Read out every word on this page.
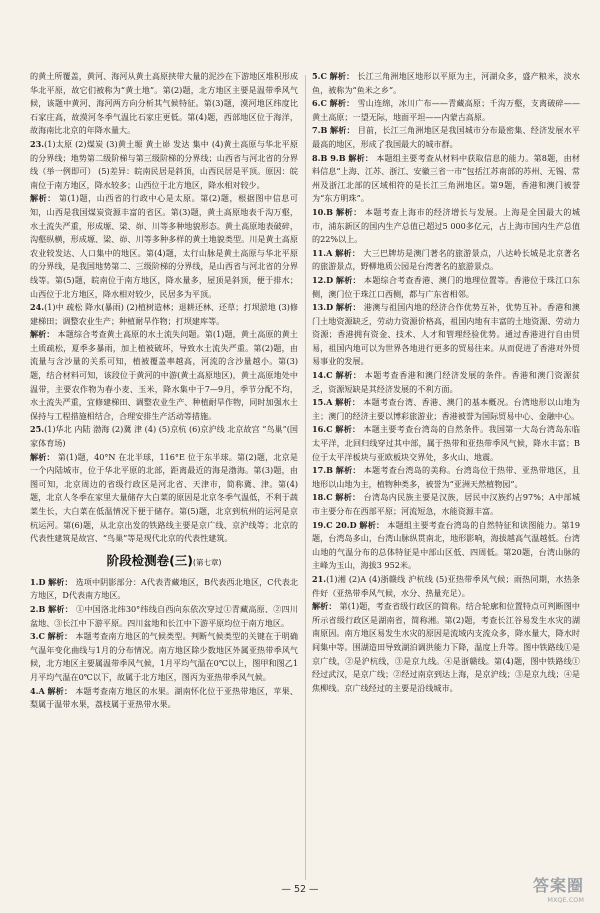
的黄土所覆盖，黄河、海河从黄土高原挟带大量的泥沙在下游地区堆积形成华北平原，故它们被称为“黄土地”。第(2)题，北方地区主要是温带季风气候，该题中黄河、海河两方向分析其气候特征。第(3)题，漠河地区纬度比石家庄高，故漠河冬季气温比石家庄更低。第(4)题，西部地区位于海洋，故海南比北京的年降水量大。

23.(1)太原 (2)煤炭 (3)黄土塬 黄土峁 发达 集中 (4)黄土高原与华北平原的分界线；地势第二级阶梯与第三级阶梯的分界线；山西省与河北省的分界线（举一例即可） (5)差异：皖南民居是斜顶，山西民居是平顶。原因：皖南位于南方地区，降水较多；山西位于北方地区，降水相对较少。

解析： 第(1)题，山西省的行政中心是太原。第(2)题，根据图中信息可知，山西是我国煤炭资源丰富的省区。第(3)题，黄土高原地表千沟万壑，水土流失严重，形成塬、梁、峁、川等多种地貌形态。黄土高原地表破碎，沟壑纵横，形成塬、梁、峁、川等多种多样的黄土地貌类型。川是黄土高原农业较发达、人口集中的地区。第(4)题，太行山脉是黄土高原与华北平原的分界线，是我国地势第二、三级阶梯的分界线，是山西省与河北省的分界线等。第(5)题，皖南位于南方地区，降水量多，屋顶是斜顶，便于排水；山西位于北方地区，降水相对较少，民居多为平顶。

24.(1)中 疏松 降水(暴雨) (2)植树造林；退耕还林、还草；打坝淤地 (3)修建梯田；调整农业生产；种植耐旱作物；打坝建库等。

解析： 本题综合考查黄土高原的水土流失问题。第(1)题，黄土高原的黄土土质疏松，夏季多暴雨，加上植被破坏，导致水土流失严重。第(2)题，由流量与含沙量的关系可知，植被覆盖率越高，河流的含沙量越小。第(3)题，结合材料可知，该段位于黄河的中游(黄土高原地区)，黄土高原地处中温带，主要农作物为春小麦、玉米，降水集中于7—9月，季节分配不均，水土流失严重，宜修建梯田、调整农业生产、种植耐旱作物，同时加强水土保持与工程措施相结合，合理安排生产活动等措施。

25.(1)华北 内陆 渤海 (2)冀 津 (4) (5)京杭 (6)京沪线 北京故宫 “鸟巢”(国家体育场)

解析： 第(1)题，40°N 在北半球，116°E 位于东半球。第(2)题，北京是一个内陆城市，位于华北平原的北部，距离最近的海是渤海。第(3)题，由图可知，北京周边的省级行政区是河北省、天津市，简称冀、津。第(4)题，北京人冬季在家里大量储存大白菜的原因是北京冬季气温低，不利于蔬菜生长，大白菜在低温情况下便于储存。第(5)题，北京到杭州的运河是京杭运河。第(6)题，从北京出发的铁路线主要是京广线、京沪线等；北京的代表性建筑是故宫、“鸟巢”等是现代北京的代表性建筑。

阶段检测卷(三)(第七章)

1.D 解析： 选项中阴影部分：A代表青藏地区，B代表西北地区，C代表北方地区，D代表南方地区。

2.B 解析： ①中国洛北纬30°纬线自西向东依次穿过①青藏高原、②四川盆地、③长江中下游平原。四川盆地和长江中下游平原均位于南方地区。

3.C 解析： 本题考查南方地区的气候类型。判断气候类型的关键在于明确气温年变化曲线与1月的分布情况。南方地区除少数地区外属亚热带季风气候，北方地区主要属温带季风气候，1月平均气温在0℃以上，图甲和图乙1月平均气温在0℃以下，故属于北方地区，图丙为亚热带季风气候。

4.A 解析： 本题考查南方地区的水果。湖南怀化位于亚热带地区，苹果、梨属于温带水果，荔枝属于亚热带水果。

5.C 解析： 长江三角洲地区地形以平原为主，河湖众多，盛产粮米，淡水鱼，被称为“鱼米之乡”。

6.C 解析： 雪山连绵，冰川广布——青藏高原；千沟万壑，支离破碎——黄土高原；一望无际，地面平坦——内蒙古高原。

7.B 解析： 目前，长江三角洲地区是我国城市分布最密集、经济发展水平最高的地区，形成了我国最大的城市群。

8.B 9.B 解析： 本题组主要考查从材料中获取信息的能力。第8题，由材料信息“上海、江苏、浙江、安徽三省一市”包括江苏南部的苏州、无锡、常州及浙江北部的区域相符的是长江三角洲地区。第9题，香港和澳门被誉为“东方明珠”。

10.B 解析： 本题考查上海市的经济增长与发展。上海是全国最大的城市，浦东新区的国内生产总值已超过5 000多亿元，占上海市国内生产总值的22%以上。

11.A 解析： 大三巴牌坊是澳门著名的旅游景点，八达岭长城是北京著名的旅游景点，野柳地质公园是台湾著名的旅游景点。

12.D 解析： 本题综合考查香港、澳门的地理位置等。香港位于珠江口东侧，澳门位于珠江口西侧，都与广东省相邻。

13.D 解析： 港澳与祖国内地的经济合作优势互补，优势互补。香港和澳门土地资源缺乏，劳动力资源价格高，祖国内地有丰富的土地资源、劳动力资源；香港拥有资金、技术、人才和管理经验优势。通过香港进行自由贸易，祖国内地可以为世界各地进行更多的贸易往来。从而促进了香港对外贸易事业的发展。

14.C 解析： 本题考查香港和澳门经济发展的条件。香港和澳门资源贫乏，资源短缺是其经济发展的不利方面。

15.A 解析： 本题考查台湾、香港、澳门的基本概况。台湾地形以山地为主；澳门的经济主要以博彩旅游业；香港被誉为国际贸易中心、金融中心。

16.C 解析： 本题主要考查台湾岛的自然条件。我国第一大岛台湾岛东临太平洋，北回归线穿过其中部，属于热带和亚热带季风气候，降水丰富；B位于太平洋板块与亚欧板块交界处，多火山、地震。

17.B 解析： 本题考查台湾岛的美称。台湾岛位于热带、亚热带地区，且地形以山地为主，植物种类多，被誉为“亚洲天然植物园”。

18.C 解析： 台湾岛内民族主要是汉族，居民中汉族约占97%；A中部城市主要分布在西部平原；河流短急，水能资源丰富。

19.C 20.D 解析： 本题组主要考查台湾岛的自然特征和读图能力。第19题，台湾岛多山，台湾山脉纵贯南北，地形影响，海拔越高气温越低。台湾山地的气温分布的总体特征是中部山区低、四周低。第20题，台湾山脉的主峰为玉山，海拔3 952米。

21.(1)湘 (2)A (4)浙赣线 沪杭线 (5)亚热带季风气候；雨热同期，水热条件好（亚热带季风气候，水分、热量充足）。

解析： 第(1)题，考查省级行政区的简称。结合轮廓和位置特点可判断图中所示省级行政区是湖南省，简称湘。第(2)题，考查长江谷易发生水灾的湖南原因。南方地区易发生水灾的原因是流域内支流众多，降水量大，降水时间集中等。围湖造田导致湖泊调洪能力下降，温度上升等。图中铁路线①是京广线，②是沪杭线，③是京九线。④是浙赣线。第(4)题，图中铁路线①经过武汉，是京广线；②经过南京到达上海，是京沪线；③是京九线；④是焦柳线。京广线经过的主要是沿线城市。

— 52 —	答案圈
MXQE.COM
